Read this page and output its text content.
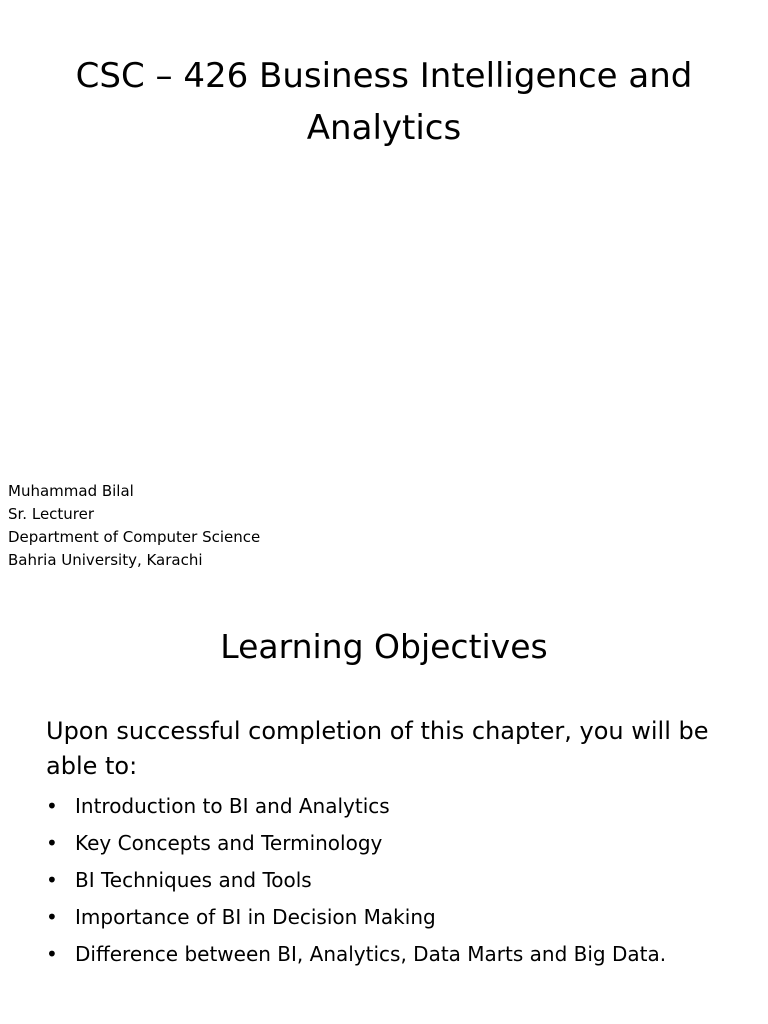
CSC – 426 Business Intelligence and Analytics
Muhammad Bilal
Sr. Lecturer
Department of Computer Science
Bahria University, Karachi
Learning Objectives
Upon successful completion of this chapter, you will be able to:
• Introduction to BI and Analytics
• Key Concepts and Terminology
• BI Techniques and Tools
• Importance of BI in Decision Making
• Difference between BI, Analytics, Data Marts and Big Data.
